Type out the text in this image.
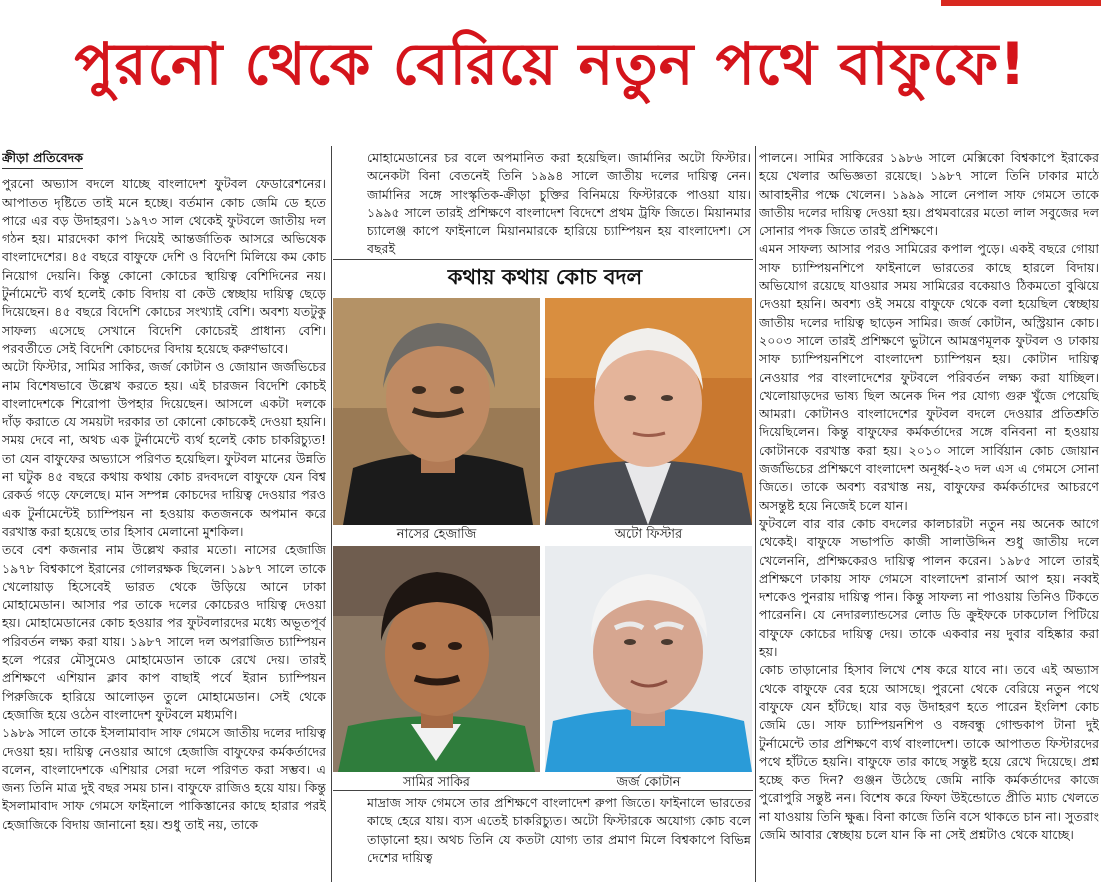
পুরনো থেকে বেরিয়ে নতুন পথে বাফুফে!
ক্রীড়া প্রতিবেদক

পুরনো অভ্যাস বদলে যাচ্ছে বাংলাদেশ ফুটবল ফেডারেশনের। আপাতত দৃষ্টিতে তাই মনে হচ্ছে। বর্তমান কোচ জেমি ডে হতে পারে এর বড় উদাহরণ। ১৯৭৩ সাল থেকেই ফুটবলে জাতীয় দল গঠন হয়। মারদেকা কাপ দিয়েই আন্তর্জাতিক আসরে অভিষেক বাংলাদেশের। ৪৫ বছরে বাফুফে দেশি ও বিদেশি মিলিয়ে কম কোচ নিয়োগ দেয়নি। কিন্তু কোনো কোচের স্থায়িত্ব বেশিদিনের নয়। টুর্নামেন্টে ব্যর্থ হলেই কোচ বিদায় বা কেউ স্বেচ্ছায় দায়িত্ব ছেড়ে দিয়েছেন। ৪৫ বছরে বিদেশি কোচের সংখ্যাই বেশি। অবশ্য যতটুকু সাফল্য এসেছে সেখানে বিদেশি কোচেরই প্রাধান্য বেশি। পরবর্তীতে সেই বিদেশি কোচদের বিদায় হয়েছে করুণভাবে।

অটো ফিস্টার, সামির সাকির, জর্জ কোটান ও জোয়ান জর্জভিচের নাম বিশেষভাবে উল্লেখ করতে হয়। এই চারজন বিদেশি কোচই বাংলাদেশকে শিরোপা উপহার দিয়েছেন। আসলে একটা দলকে দাঁড় করাতে যে সময়টা দরকার তা কোনো কোচকেই দেওয়া হয়নি। সময় দেবে না, অথচ এক টুর্নামেন্টে ব্যর্থ হলেই কোচ চাকরিচ্যুত! তা যেন বাফুফের অভ্যাসে পরিণত হয়েছিল। ফুটবল মানের উন্নতি না ঘটুক ৪৫ বছরে কথায় কথায় কোচ রদবদলে বাফুফে যেন বিশ্ব রেকর্ড গড়ে ফেলেছে। মান সম্পন্ন কোচদের দায়িত্ব দেওয়ার পরও এক টুর্নামেন্টেই চ্যাম্পিয়ন না হওয়ায় কতজনকে অপমান করে বরখাস্ত করা হয়েছে তার হিসাব মেলানো মুশকিল।

তবে বেশ কজনার নাম উল্লেখ করার মতো। নাসের হেজাজি ১৯৭৮ বিশ্বকাপে ইরানের গোলরক্ষক ছিলেন। ১৯৮৭ সালে তাকে খেলোয়াড় হিসেবেই ভারত থেকে উড়িয়ে আনে ঢাকা মোহামেডান। আসার পর তাকে দলের কোচেরও দায়িত্ব দেওয়া হয়। মোহামেডানের কোচ হওয়ার পর ফুটবলারদের মধ্যে অভূতপূর্ব পরিবর্তন লক্ষ্য করা যায়। ১৯৮৭ সালে দল অপরাজিত চ্যাম্পিয়ন হলে পরের মৌসুমেও মোহামেডান তাকে রেখে দেয়। তারই প্রশিক্ষণে এশিয়ান ক্লাব কাপ বাছাই পর্বে ইরান চ্যাম্পিয়ন পিরুজিকে হারিয়ে আলোড়ন তুলে মোহামেডান। সেই থেকে হেজাজি হয়ে ওঠেন বাংলাদেশ ফুটবলে মধ্যমণি।

১৯৮৯ সালে তাকে ইসলামাবাদ সাফ গেমসে জাতীয় দলের দায়িত্ব দেওয়া হয়। দায়িত্ব নেওয়ার আগে হেজাজি বাফুফের কর্মকর্তাদের বলেন, বাংলাদেশকে এশিয়ার সেরা দলে পরিণত করা সম্ভব। এ জন্য তিনি মাত্র দুই বছর সময় চান। বাফুফে রাজিও হয়ে যায়। কিন্তু ইসলামাবাদ সাফ গেমসে ফাইনালে পাকিস্তানের কাছে হারার পরই হেজাজিকে বিদায় জানানো হয়। শুধু তাই নয়, তাকে

মোহামেডানের চর বলে অপমানিত করা হয়েছিল। জার্মানির অটো ফিস্টার। অনেকটা বিনা বেতনেই তিনি ১৯৯৪ সালে জাতীয় দলের দায়িত্ব নেন। জার্মানির সঙ্গে সাংস্কৃতিক-ক্রীড়া চুক্তির বিনিময়ে ফিস্টারকে পাওয়া যায়। ১৯৯৫ সালে তারই প্রশিক্ষণে বাংলাদেশ বিদেশে প্রথম ট্রফি জিতে। মিয়ানমার চ্যালেঞ্জ কাপে ফাইনালে মিয়ানমারকে হারিয়ে চ্যাম্পিয়ন হয় বাংলাদেশ। সে বছরই

কথায় কথায় কোচ বদল
নাসের হেজাজি	অটো ফিস্টার
সামির সাকির	জর্জ কোটান

মাদ্রাজ সাফ গেমসে তার প্রশিক্ষণে বাংলাদেশ রুপা জিতে। ফাইনালে ভারতের কাছে হেরে যায়। ব্যস এতেই চাকরিচ্যুত। অটো ফিস্টারকে অযোগ্য কোচ বলে তাড়ানো হয়। অথচ তিনি যে কতটা যোগ্য তার প্রমাণ মিলে বিশ্বকাপে বিভিন্ন দেশের দায়িত্ব

পালনে। সামির সাকিরের ১৯৮৬ সালে মেক্সিকো বিশ্বকাপে ইরাকের হয়ে খেলার অভিজ্ঞতা রয়েছে। ১৯৮৭ সালে তিনি ঢাকার মাঠে আবাহনীর পক্ষে খেলেন। ১৯৯৯ সালে নেপাল সাফ গেমসে তাকে জাতীয় দলের দায়িত্ব দেওয়া হয়। প্রথমবারের মতো লাল সবুজের দল সোনার পদক জিতে তারই প্রশিক্ষণে।

এমন সাফল্য আসার পরও সামিরের কপাল পুড়ে। একই বছরে গোয়া সাফ চ্যাম্পিয়নশিপে ফাইনালে ভারতের কাছে হারলে বিদায়। অভিযোগ রয়েছে যাওয়ার সময় সামিরের বকেয়াও ঠিকমতো বুঝিয়ে দেওয়া হয়নি। অবশ্য ওই সময়ে বাফুফে থেকে বলা হয়েছিল স্বেচ্ছায় জাতীয় দলের দায়িত্ব ছাড়েন সামির। জর্জ কোটান, অস্ট্রিয়ান কোচ। ২০০৩ সালে তারই প্রশিক্ষণে ভুটানে আমন্ত্রণমূলক ফুটবল ও ঢাকায় সাফ চ্যাম্পিয়নশিপে বাংলাদেশ চ্যাম্পিয়ন হয়। কোটান দায়িত্ব নেওয়ার পর বাংলাদেশের ফুটবলে পরিবর্তন লক্ষ্য করা যাচ্ছিল। খেলোয়াড়দের ভাষ্য ছিল অনেক দিন পর যোগ্য গুরু খুঁজে পেয়েছি আমরা। কোটানও বাংলাদেশের ফুটবল বদলে দেওয়ার প্রতিশ্রুতি দিয়েছিলেন। কিন্তু বাফুফের কর্মকর্তাদের সঙ্গে বনিবনা না হওয়ায় কোটানকে বরখাস্ত করা হয়। ২০১০ সালে সার্বিয়ান কোচ জোয়ান জর্জভিচের প্রশিক্ষণে বাংলাদেশ অনূর্ধ্ব-২৩ দল এস এ গেমসে সোনা জিতে। তাকে অবশ্য বরখাস্ত নয়, বাফুফের কর্মকর্তাদের আচরণে অসন্তুষ্ট হয়ে নিজেই চলে যান।

ফুটবলে বার বার কোচ বদলের কালচারটা নতুন নয় অনেক আগে থেকেই। বাফুফে সভাপতি কাজী সালাউদ্দিন শুধু জাতীয় দলে খেলেননি, প্রশিক্ষকেরও দায়িত্ব পালন করেন। ১৯৮৫ সালে তারই প্রশিক্ষণে ঢাকায় সাফ গেমসে বাংলাদেশ রানার্স আপ হয়। নব্বই দশকেও পুনরায় দায়িত্ব পান। কিন্তু সাফল্য না পাওয়ায় তিনিও টিকতে পারেননি। যে নেদারল্যান্ডসের লোড ডি ক্রুইফকে ঢাকঢোল পিটিয়ে বাফুফে কোচের দায়িত্ব দেয়। তাকে একবার নয় দুবার বহিষ্কার করা হয়।

কোচ তাড়ানোর হিসাব লিখে শেষ করে যাবে না। তবে এই অভ্যাস থেকে বাফুফে বের হয়ে আসছে। পুরনো থেকে বেরিয়ে নতুন পথে বাফুফে যেন হাঁটছে। যার বড় উদাহরণ হতে পারেন ইংলিশ কোচ জেমি ডে। সাফ চ্যাম্পিয়নশিপ ও বঙ্গবন্ধু গোল্ডকাপ টানা দুই টুর্নামেন্টে তার প্রশিক্ষণে ব্যর্থ বাংলাদেশ। তাকে আপাতত ফিস্টারদের পথে হাঁটতে হয়নি। বাফুফে তার কাছে সন্তুষ্ট হয়ে রেখে দিয়েছে। প্রশ্ন হচ্ছে কত দিন? গুঞ্জন উঠেছে জেমি নাকি কর্মকর্তাদের কাজে পুরোপুরি সন্তুষ্ট নন। বিশেষ করে ফিফা উইন্ডোতে প্রীতি ম্যাচ খেলতে না যাওয়ায় তিনি ক্ষুব্ধ। বিনা কাজে তিনি বসে থাকতে চান না। সুতরাং জেমি আবার স্বেচ্ছায় চলে যান কি না সেই প্রশ্নটাও থেকে যাচ্ছে।
